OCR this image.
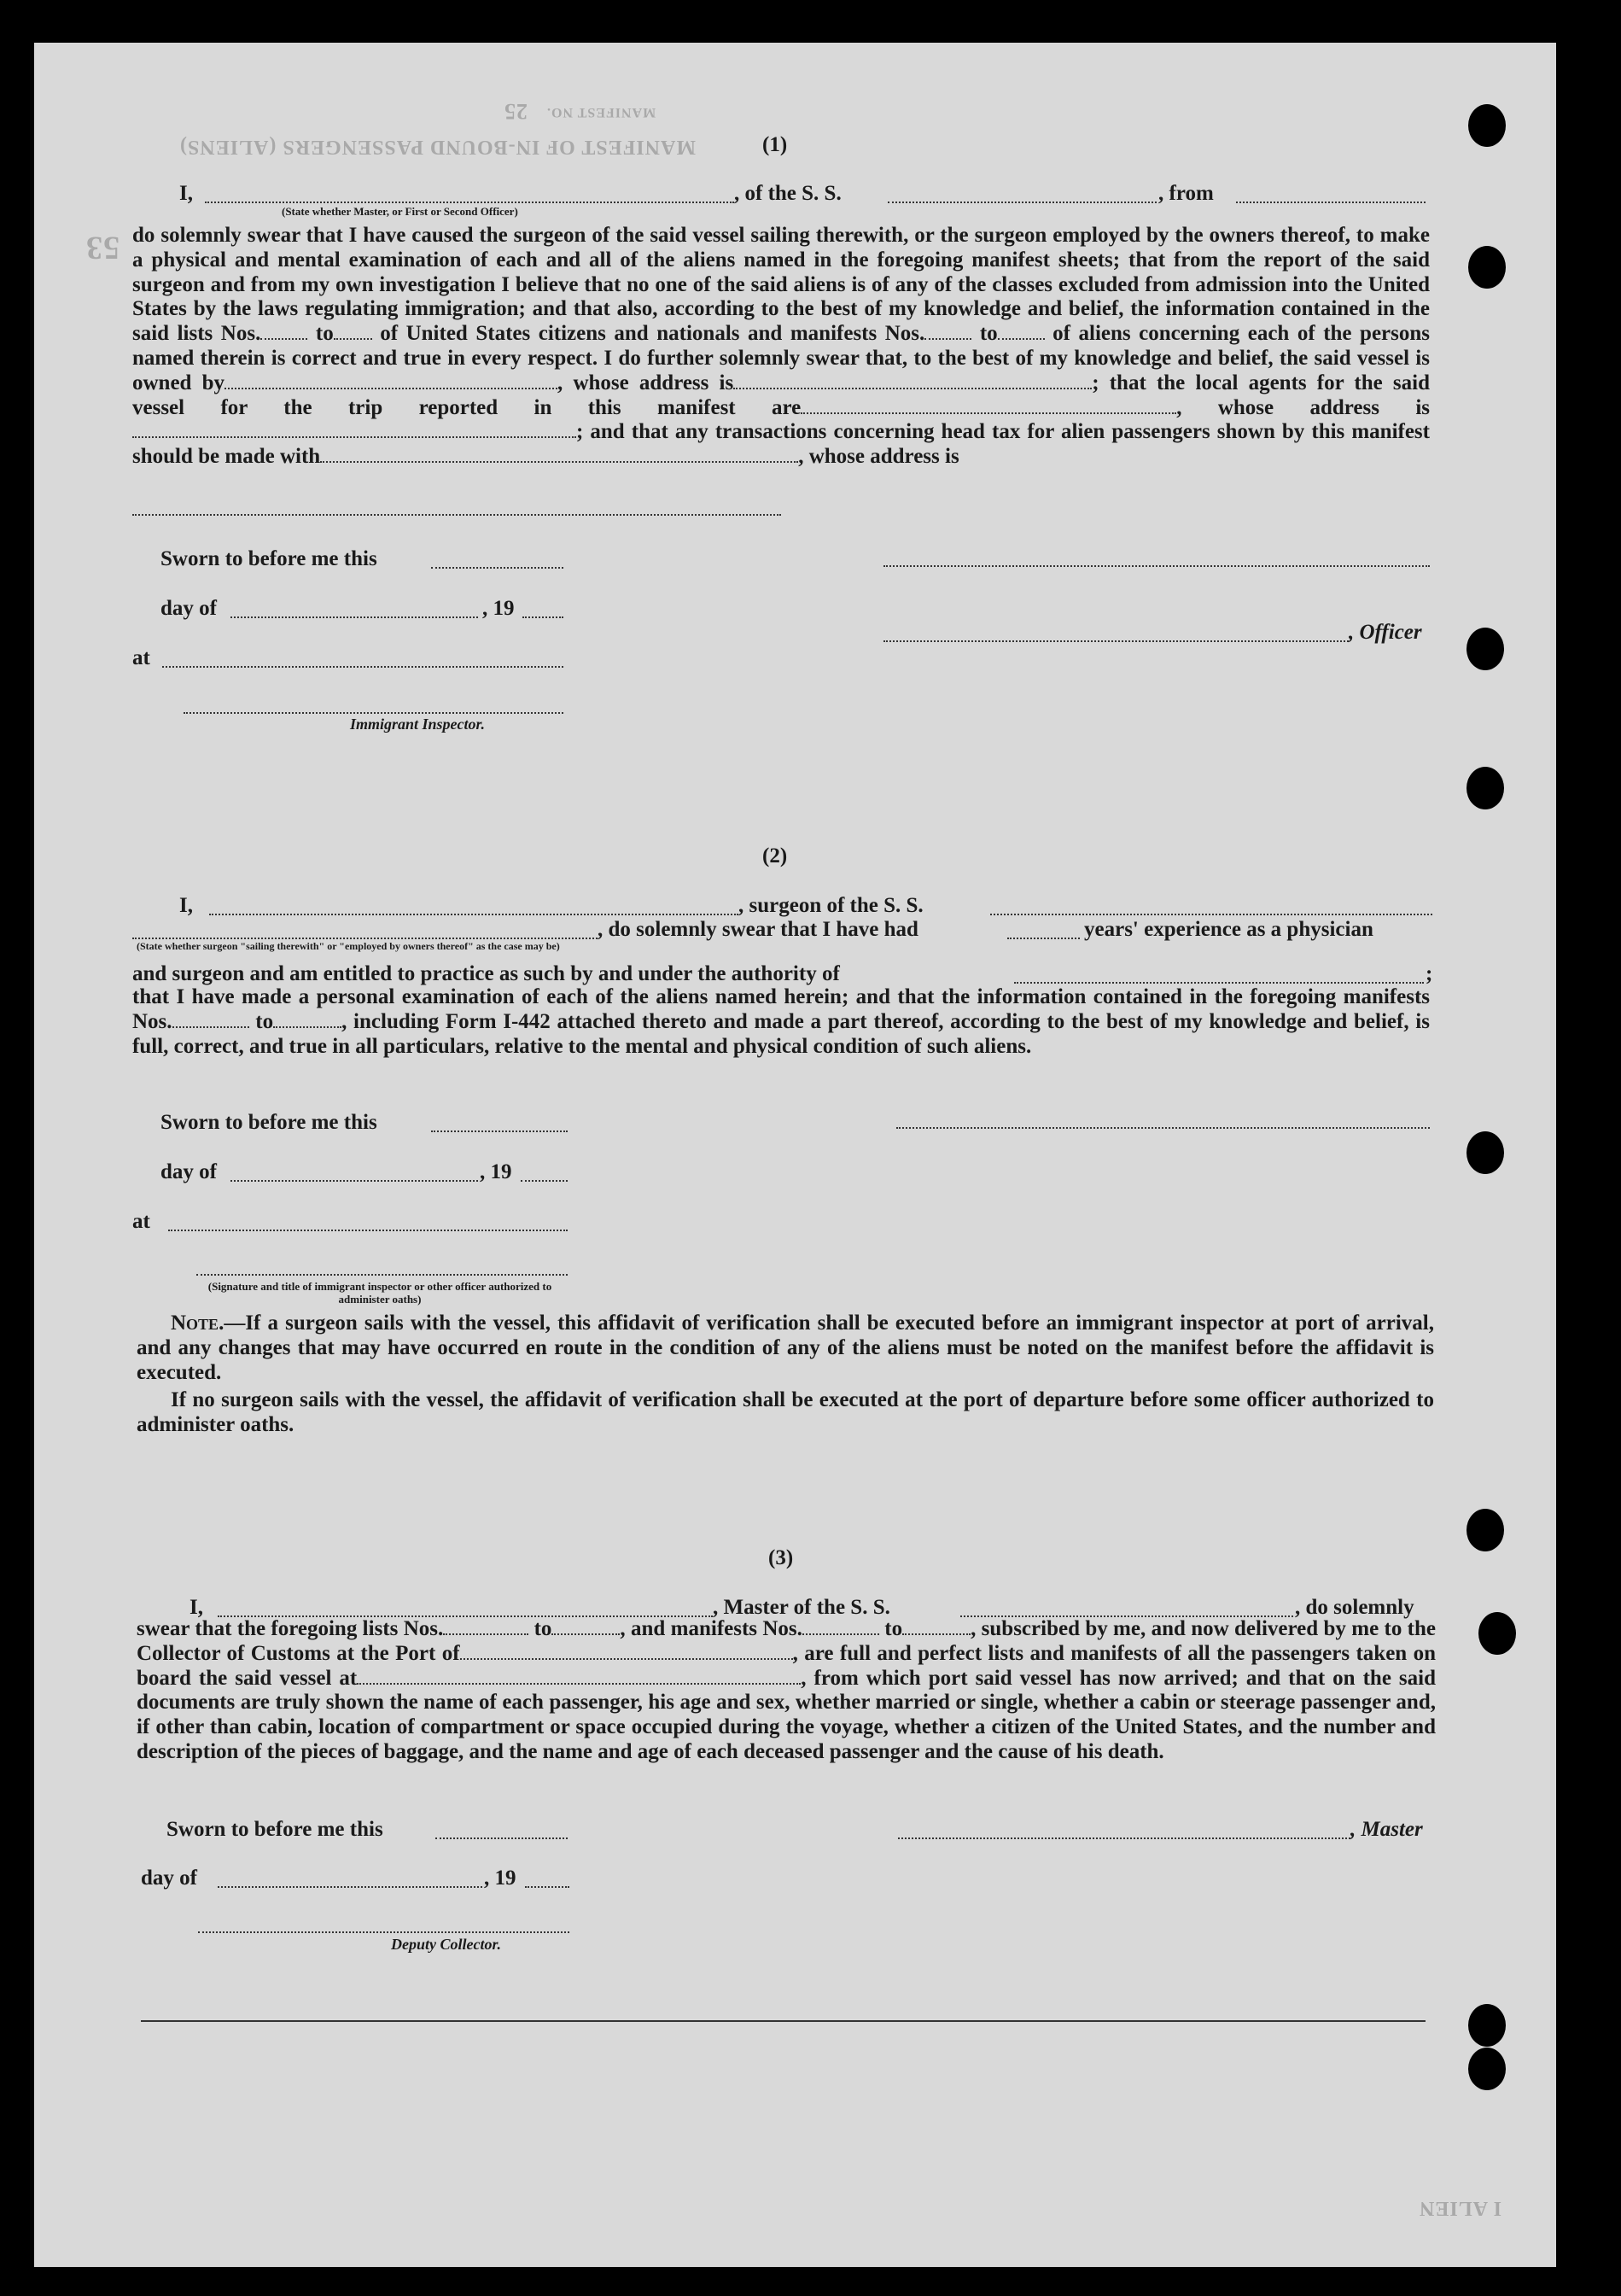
MANIFEST OF IN-BOUND PASSENGERS (ALIENS)
MANIFEST NO.
25
I ALIEN
53
(1)
I,
(State whether Master, or First or Second Officer)
, of the S. S.	, from
do solemnly swear that I have caused the surgeon of the said vessel sailing therewith, or the surgeon employed by the owners thereof, to make a physical and mental examination of each and all of the aliens named in the foregoing manifest sheets; that from the report of the said surgeon and from my own investigation I believe that no one of the said aliens is of any of the classes excluded from admission into the United States by the laws regulating immigration; and that also, according to the best of my knowledge and belief, the information contained in the said lists Nos.	to of United States citizens and nationals and manifests Nos.	to	of aliens concerning each of the persons named therein is correct and true in every respect. I do further solemnly swear that, to the best of my knowledge and belief, the said vessel is owned by	, whose address is	; that the local agents for the said vessel for the trip reported in this manifest are	, whose address is; and that any transactions concerning head tax for alien passengers shown by this manifest should be made with	, whose address is
Sworn to before me this
day of	, 19
, Officer
at
Immigrant Inspector.
(2)
I,	, surgeon of the S. S.
, do solemnly swear that I have had	years' experience as a physician
(State whether surgeon "sailing therewith" or "employed by owners thereof" as the case may be)
and surgeon and am entitled to practice as such by and under the authority of	;
that I have made a personal examination of each of the aliens named herein; and that the information contained in the foregoing manifests Nos.	to	, including Form I-442 attached thereto and made a part thereof, according to the best of my knowledge and belief, is full, correct, and true in all particulars, relative to the mental and physical condition of such aliens.
Sworn to before me this
day of	, 19
at
(Signature and title of immigrant inspector or other officer authorized to administer oaths)
Note.—If a surgeon sails with the vessel, this affidavit of verification shall be executed before an immigrant inspector at port of arrival, and any changes that may have occurred en route in the condition of any of the aliens must be noted on the manifest before the affidavit is executed.
If no surgeon sails with the vessel, the affidavit of verification shall be executed at the port of departure before some officer authorized to administer oaths.
(3)
I,	, Master of the S. S.	, do solemnly
swear that the foregoing lists Nos.	to	, and manifests Nos.	to	, subscribed by me, and now delivered by me to the Collector of Customs at the Port of	, are full and perfect lists and manifests of all the passengers taken on board the said vessel at	, from which port said vessel has now arrived; and that on the said documents are truly shown the name of each passenger, his age and sex, whether married or single, whether a cabin or steerage passenger and, if other than cabin, location of compartment or space occupied during the voyage, whether a citizen of the United States, and the number and description of the pieces of baggage, and the name and age of each deceased passenger and the cause of his death.
Sworn to before me this	, Master
day of	, 19
Deputy Collector.
